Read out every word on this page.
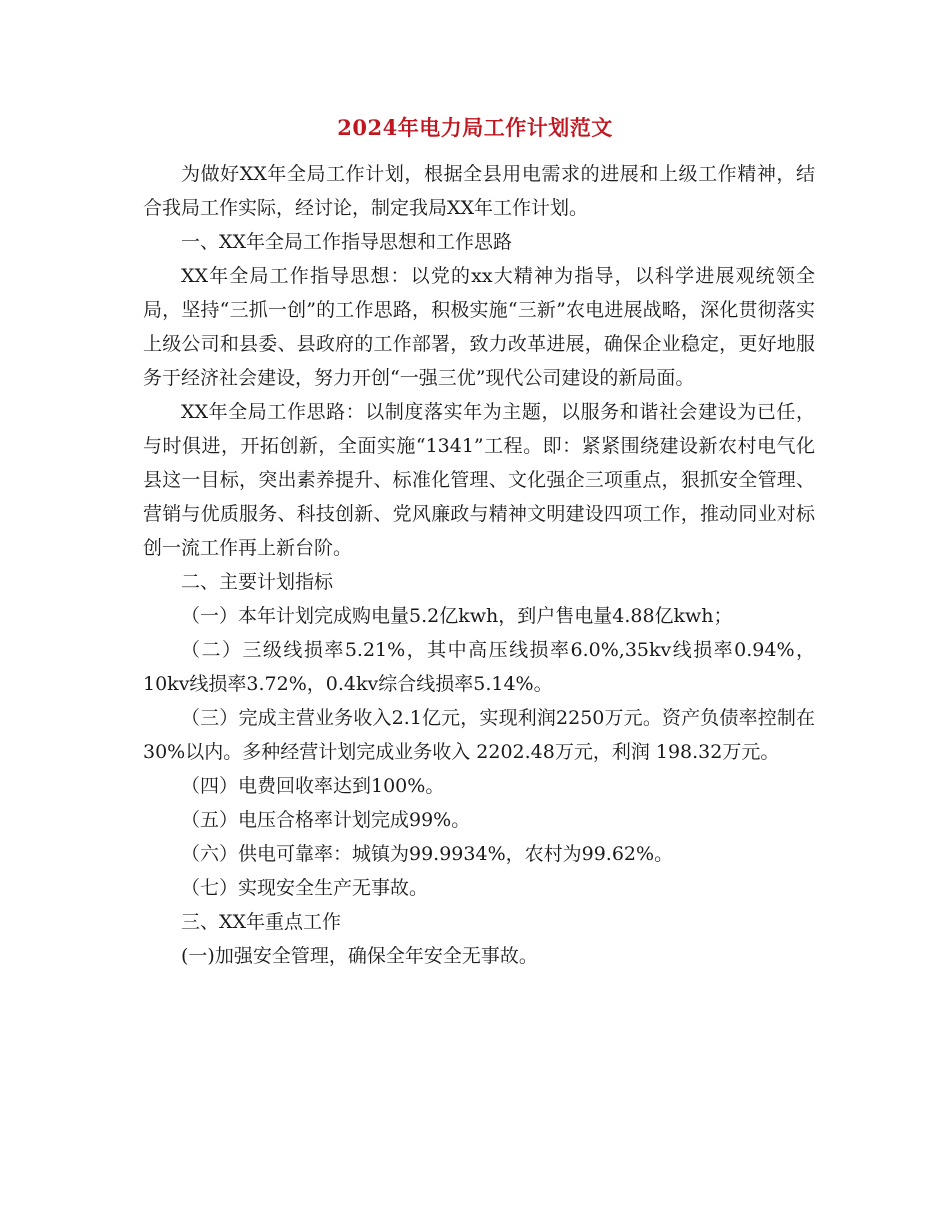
2024年电力局工作计划范文

为做好XX年全局工作计划，根据全县用电需求的进展和上级工作精神，结合我局工作实际，经讨论，制定我局XX年工作计划。

一、XX年全局工作指导思想和工作思路

XX年全局工作指导思想：以党的xx大精神为指导，以科学进展观统领全局，坚持“三抓一创”的工作思路，积极实施“三新”农电进展战略，深化贯彻落实上级公司和县委、县政府的工作部署，致力改革进展，确保企业稳定，更好地服务于经济社会建设，努力开创“一强三优”现代公司建设的新局面。

XX年全局工作思路：以制度落实年为主题，以服务和谐社会建设为已任，与时俱进，开拓创新，全面实施“1341”工程。即：紧紧围绕建设新农村电气化县这一目标，突出素养提升、标准化管理、文化强企三项重点，狠抓安全管理、营销与优质服务、科技创新、党风廉政与精神文明建设四项工作，推动同业对标创一流工作再上新台阶。

二、主要计划指标

（一）本年计划完成购电量5.2亿kwh，到户售电量4.88亿kwh；

（二）三级线损率5.21%，其中高压线损率6.0%,35kv线损率0.94%，10kv线损率3.72%，0.4kv综合线损率5.14%。

（三）完成主营业务收入2.1亿元，实现利润2250万元。资产负债率控制在30%以内。多种经营计划完成业务收入 2202.48万元，利润 198.32万元。

（四）电费回收率达到100%。

（五）电压合格率计划完成99%。

（六）供电可靠率：城镇为99.9934%，农村为99.62%。

（七）实现安全生产无事故。

三、XX年重点工作

(一)加强安全管理，确保全年安全无事故。
